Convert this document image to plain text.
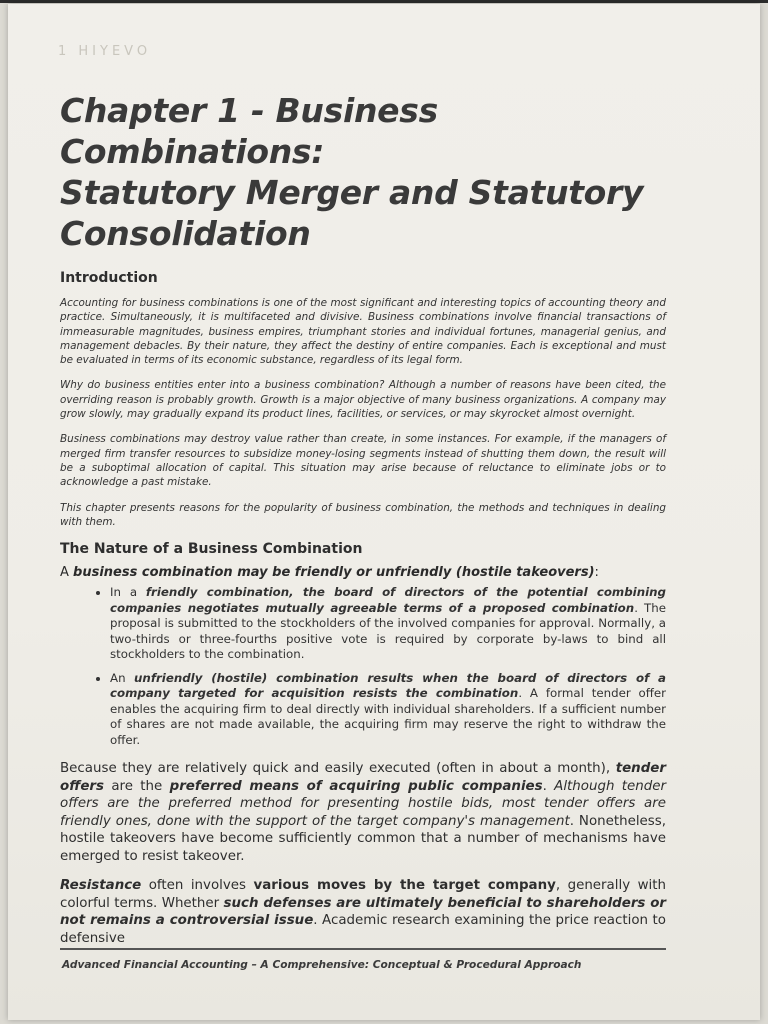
1 HIYEVO
Chapter 1 - Business Combinations:
Statutory Merger and Statutory
Consolidation
Introduction

Accounting for business combinations is one of the most significant and interesting topics of accounting theory and practice. Simultaneously, it is multifaceted and divisive. Business combinations involve financial transactions of immeasurable magnitudes, business empires, triumphant stories and individual fortunes, managerial genius, and management debacles. By their nature, they affect the destiny of entire companies. Each is exceptional and must be evaluated in terms of its economic substance, regardless of its legal form.

Why do business entities enter into a business combination? Although a number of reasons have been cited, the overriding reason is probably growth. Growth is a major objective of many business organizations. A company may grow slowly, may gradually expand its product lines, facilities, or services, or may skyrocket almost overnight.

Business combinations may destroy value rather than create, in some instances. For example, if the managers of merged firm transfer resources to subsidize money-losing segments instead of shutting them down, the result will be a suboptimal allocation of capital. This situation may arise because of reluctance to eliminate jobs or to acknowledge a past mistake.

This chapter presents reasons for the popularity of business combination, the methods and techniques in dealing with them.

The Nature of a Business Combination

A business combination may be friendly or unfriendly (hostile takeovers):

• In a friendly combination, the board of directors of the potential combining companies negotiates mutually agreeable terms of a proposed combination. The proposal is submitted to the stockholders of the involved companies for approval. Normally, a two-thirds or three-fourths positive vote is required by corporate by-laws to bind all stockholders to the combination.
• An unfriendly (hostile) combination results when the board of directors of a company targeted for acquisition resists the combination. A formal tender offer enables the acquiring firm to deal directly with individual shareholders. If a sufficient number of shares are not made available, the acquiring firm may reserve the right to withdraw the offer.

Because they are relatively quick and easily executed (often in about a month), tender offers are the preferred means of acquiring public companies. Although tender offers are the preferred method for presenting hostile bids, most tender offers are friendly ones, done with the support of the target company's management. Nonetheless, hostile takeovers have become sufficiently common that a number of mechanisms have emerged to resist takeover.

Resistance often involves various moves by the target company, generally with colorful terms. Whether such defenses are ultimately beneficial to shareholders or not remains a controversial issue. Academic research examining the price reaction to defensive

Advanced Financial Accounting – A Comprehensive: Conceptual & Procedural Approach
